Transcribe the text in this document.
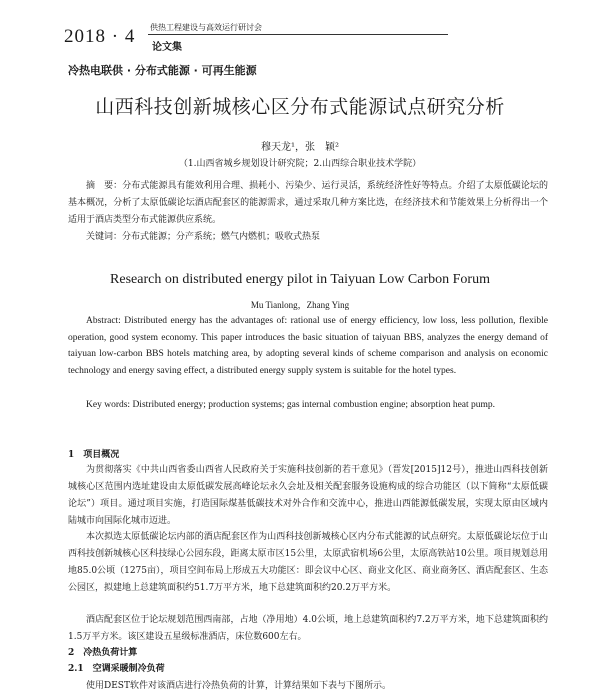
2018 · 4 供热工程建设与高效运行研讨会
论文集
冷热电联供 · 分布式能源 · 可再生能源
山西科技创新城核心区分布式能源试点研究分析
穆天龙¹，张　颖²
（1.山西省城乡规划设计研究院；2.山西综合职业技术学院）
摘　要：分布式能源具有能效利用合理、损耗小、污染少、运行灵活，系统经济性好等特点。介绍了太原低碳论坛的基本概况，分析了太原低碳论坛酒店配套区的能源需求，通过采取几种方案比选，在经济技术和节能效果上分析得出一个适用于酒店类型分布式能源供应系统。
关键词：分布式能源；分产系统；燃气内燃机；吸收式热泵
Research on distributed energy pilot in Taiyuan Low Carbon Forum
Mu Tianlong，Zhang Ying
Abstract: Distributed energy has the advantages of: rational use of energy efficiency, low loss, less pollution, flexible operation, good system economy. This paper introduces the basic situation of taiyuan BBS, analyzes the energy demand of taiyuan low-carbon BBS hotels matching area, by adopting several kinds of scheme comparison and analysis on economic technology and energy saving effect, a distributed energy supply system is suitable for the hotel types.
Key words: Distributed energy; production systems; gas internal combustion engine; absorption heat pump.
1　项目概况
为贯彻落实《中共山西省委山西省人民政府关于实施科技创新的若干意见》（晋发[2015]12号），推进山西科技创新城核心区范围内选址建设由太原低碳发展高峰论坛永久会址及相关配套服务设施构成的综合功能区（以下简称“太原低碳论坛”）项目。通过项目实施，打造国际煤基低碳技术对外合作和交流中心，推进山西能源低碳发展，实现太原由区域内陆城市向国际化城市迈进。
本次拟选太原低碳论坛内部的酒店配套区作为山西科技创新城核心区内分布式能源的试点研究。太原低碳论坛位于山西科技创新城核心区科技绿心公园东段，距离太原市区15公里，太原武宿机场6公里，太原高铁站10公里。项目规划总用地85.0公顷（1275亩），项目空间布局上形成五大功能区：即会议中心区、商业文化区、商业商务区、酒店配套区、生态公园区，拟建地上总建筑面积约51.7万平方米，地下总建筑面积约20.2万平方米。
酒店配套区位于论坛规划范围西南部，占地（净用地）4.0公顷，地上总建筑面积约7.2万平方米，地下总建筑面积约1.5万平方米。该区建设五星级标准酒店，床位数600左右。
2　冷热负荷计算
2.1　空调采暖制冷负荷
使用DEST软件对该酒店进行冷热负荷的计算，计算结果如下表与下图所示。
